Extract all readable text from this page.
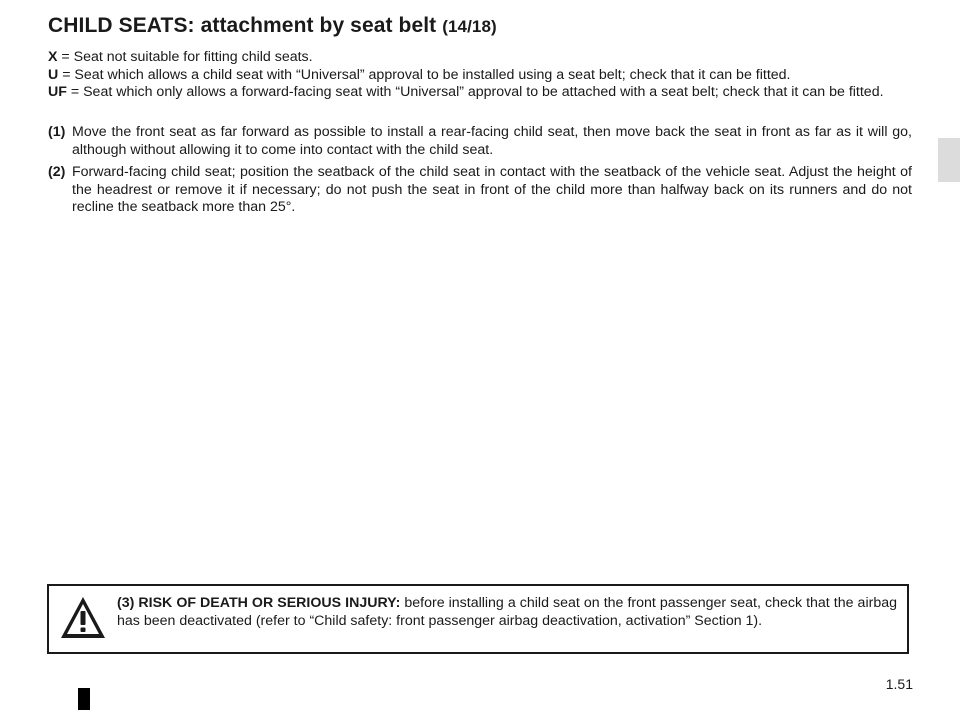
CHILD SEATS: attachment by seat belt (14/18)
X = Seat not suitable for fitting child seats.
U = Seat which allows a child seat with “Universal” approval to be installed using a seat belt; check that it can be fitted.
UF = Seat which only allows a forward-facing seat with “Universal” approval to be attached with a seat belt; check that it can be fitted.
(1) Move the front seat as far forward as possible to install a rear-facing child seat, then move back the seat in front as far as it will go, although without allowing it to come into contact with the child seat.
(2) Forward-facing child seat; position the seatback of the child seat in contact with the seatback of the vehicle seat. Adjust the height of the headrest or remove it if necessary; do not push the seat in front of the child more than halfway back on its runners and do not recline the seatback more than 25°.
(3) RISK OF DEATH OR SERIOUS INJURY: before installing a child seat on the front passenger seat, check that the airbag has been deactivated (refer to “Child safety: front passenger airbag deactivation, activation” Section 1).
1.51
